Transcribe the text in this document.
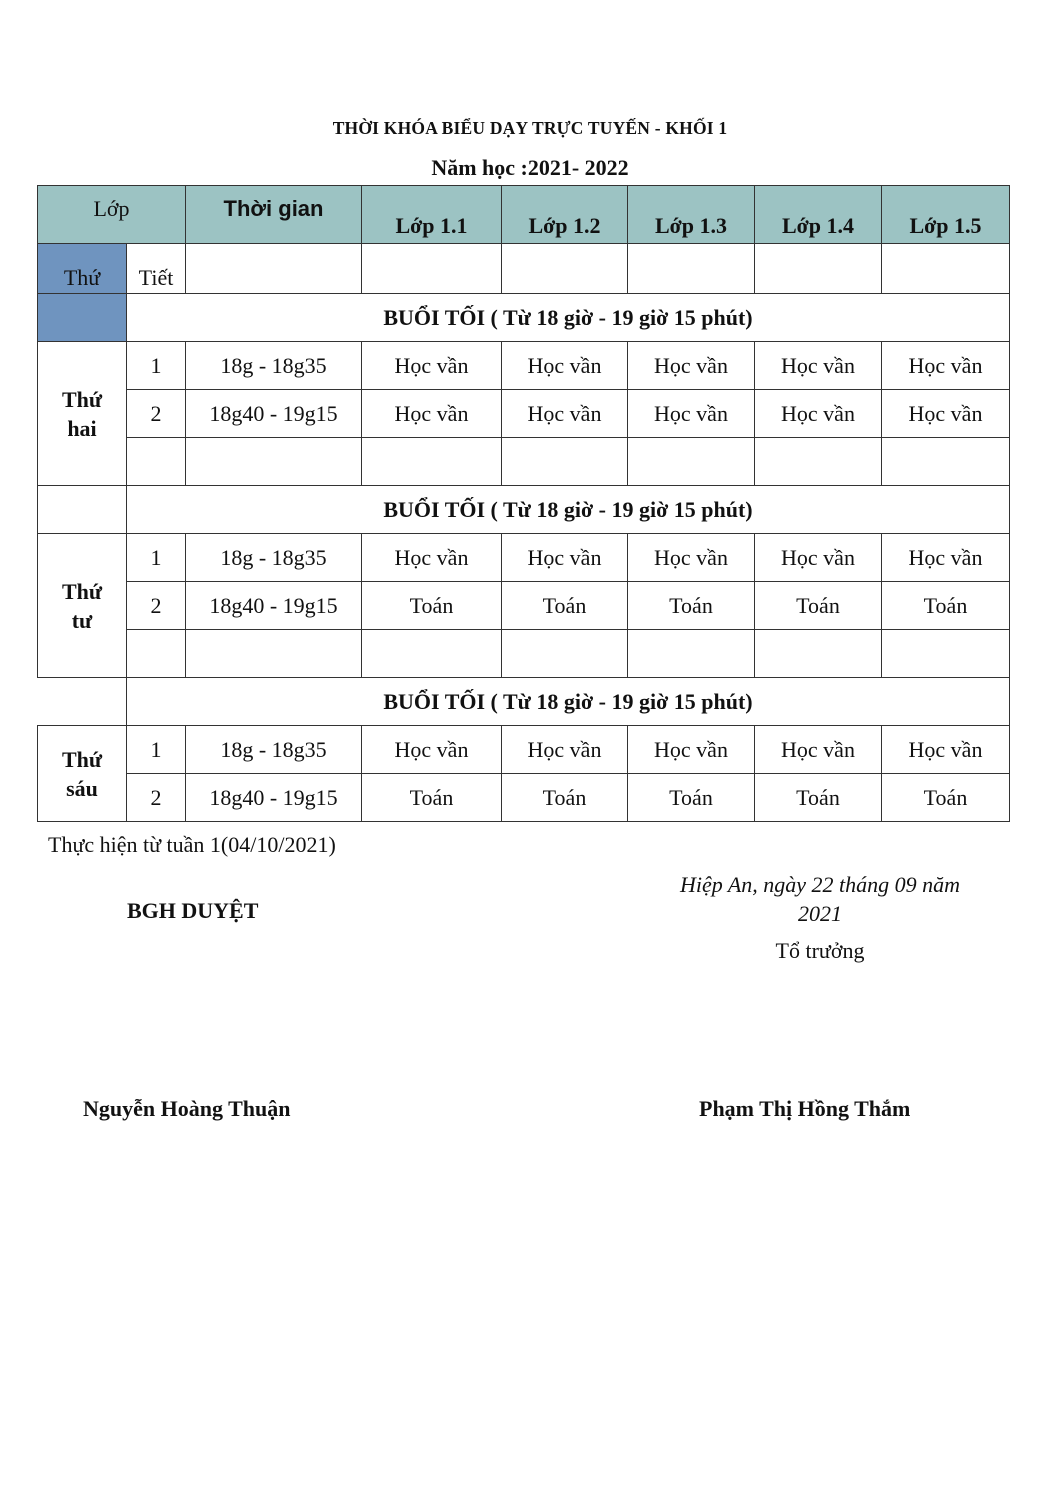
THỜI KHÓA BIỂU DẠY TRỰC TUYẾN - KHỐI 1
Năm học :2021- 2022
Lớp		Thời gian	Lớp 1.1	Lớp 1.2	Lớp 1.3	Lớp 1.4	Lớp 1.5
Thứ	Tiết						
	BUỔI TỐI ( Từ 18 giờ - 19 giờ 15 phút)						
Thứ
hai	1	18g - 18g35	Học vần	Học vần	Học vần	Học vần	Học vần
	2	18g40 - 19g15	Học vần	Học vần	Học vần	Học vần	Học vần

	BUỔI TỐI ( Từ 18 giờ - 19 giờ 15 phút)						
Thứ
tư	1	18g - 18g35	Học vần	Học vần	Học vần	Học vần	Học vần
	2	18g40 - 19g15	Toán	Toán	Toán	Toán	Toán

	BUỔI TỐI ( Từ 18 giờ - 19 giờ 15 phút)						
Thứ
sáu	1	18g - 18g35	Học vần	Học vần	Học vần	Học vần	Học vần
	2	18g40 - 19g15	Toán	Toán	Toán	Toán	Toán
Thực hiện từ tuần 1(04/10/2021)
BGH DUYỆT
Hiệp An, ngày 22 tháng 09 năm
2021
Tổ trưởng
Nguyễn Hoàng Thuận	Phạm Thị Hồng Thắm
